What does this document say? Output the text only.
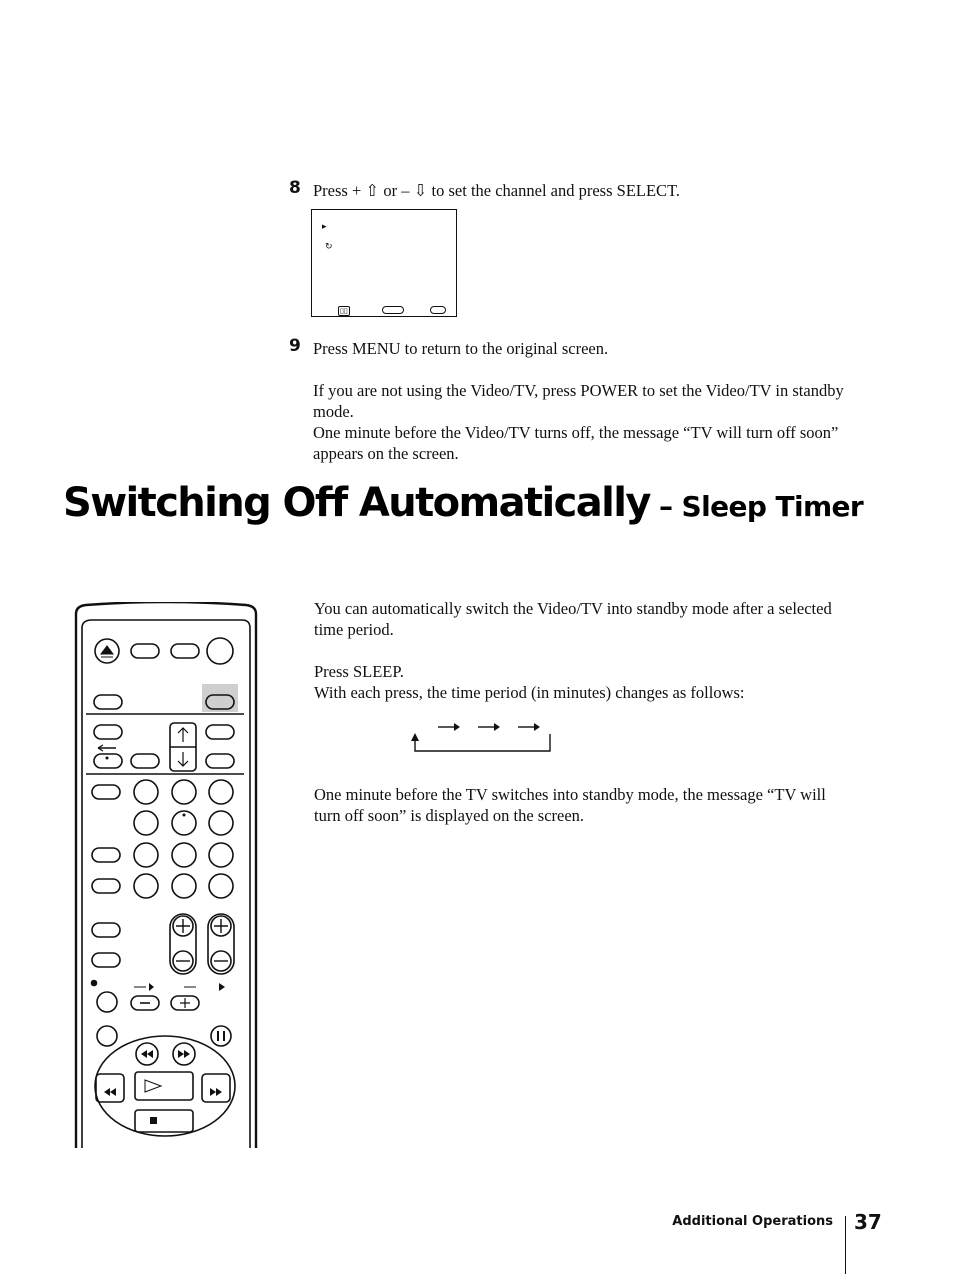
8 Press + ⇧ or – ⇩ to set the channel and press SELECT.
▸
↻
▯▯
9 Press MENU to return to the original screen.

If you are not using the Video/TV, press POWER to set the Video/TV in standby mode.

One minute before the Video/TV turns off, the message “TV will turn off soon” appears on the screen.

Switching Off Automatically – Sleep Timer
You can automatically switch the Video/TV into standby mode after a selected time period.

Press SLEEP.

With each press, the time period (in minutes) changes as follows:

One minute before the TV switches into standby mode, the message “TV will turn off soon” is displayed on the screen.
Additional Operations 37
